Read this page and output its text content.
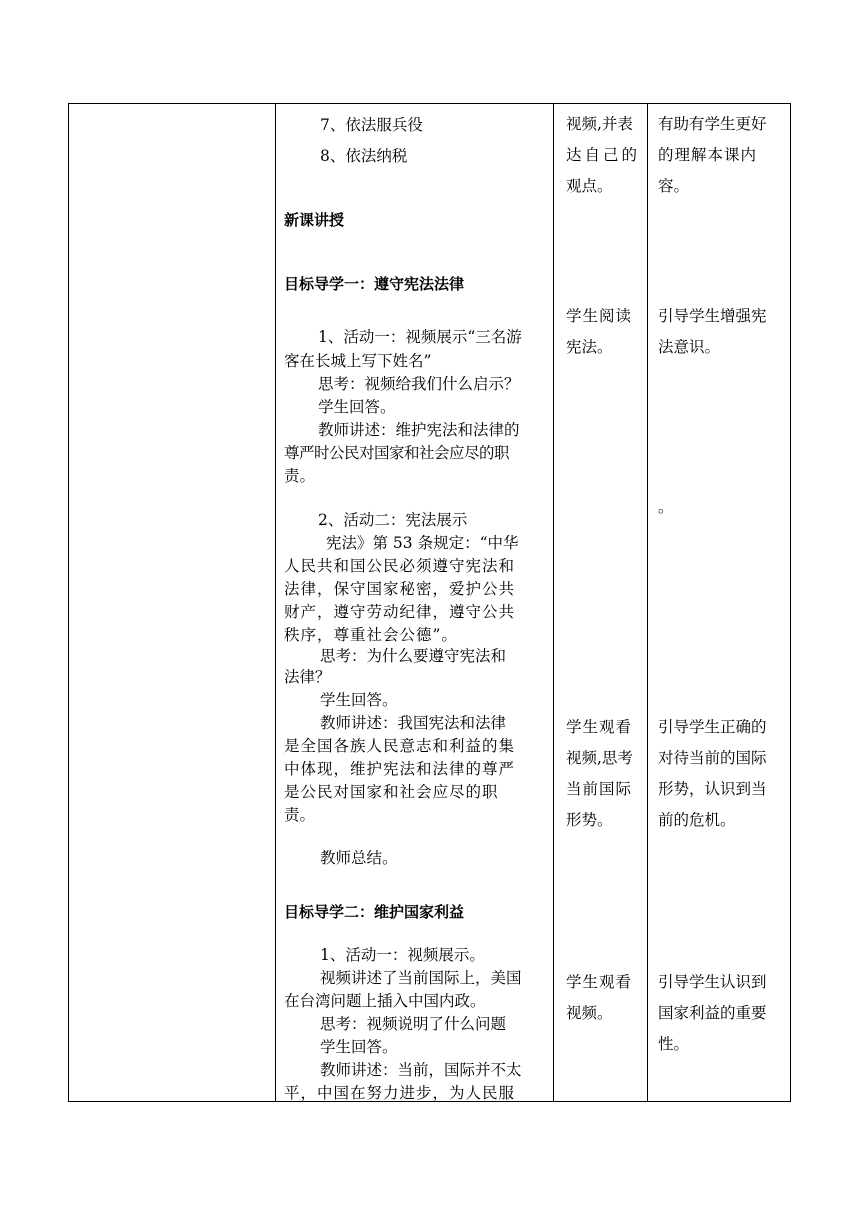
7、依法服兵役
8、依法纳税
新课讲授
目标导学一：遵守宪法法律
1、活动一：视频展示“三名游
客在长城上写下姓名”
思考：视频给我们什么启示？
学生回答。
教师讲述：维护宪法和法律的
尊严时公民对国家和社会应尽的职
责。
2、活动二：宪法展示
宪法》第 53 条规定：“中华
人民共和国公民必须遵守宪法和
法律，保守国家秘密，爱护公共
财产，遵守劳动纪律，遵守公共
秩序，尊重社会公德”。
思考：为什么要遵守宪法和
法律？
学生回答。
教师讲述：我国宪法和法律
是全国各族人民意志和利益的集
中体现，维护宪法和法律的尊严
是公民对国家和社会应尽的职
责。
教师总结。
目标导学二：维护国家利益
1、活动一：视频展示。
视频讲述了当前国际上，美国
在台湾问题上插入中国内政。
思考：视频说明了什么问题
学生回答。
教师讲述：当前，国际并不太
平，中国在努力进步，为人民服
视频,并表
达自己的
观点。
学生阅读
宪法。
学生观看
视频,思考
当前国际
形势。
学生观看
视频。
有助有学生更好
的理解本课内
容。
引导学生增强宪
法意识。
。
引导学生正确的
对待当前的国际
形势，认识到当
前的危机。
引导学生认识到
国家利益的重要
性。
